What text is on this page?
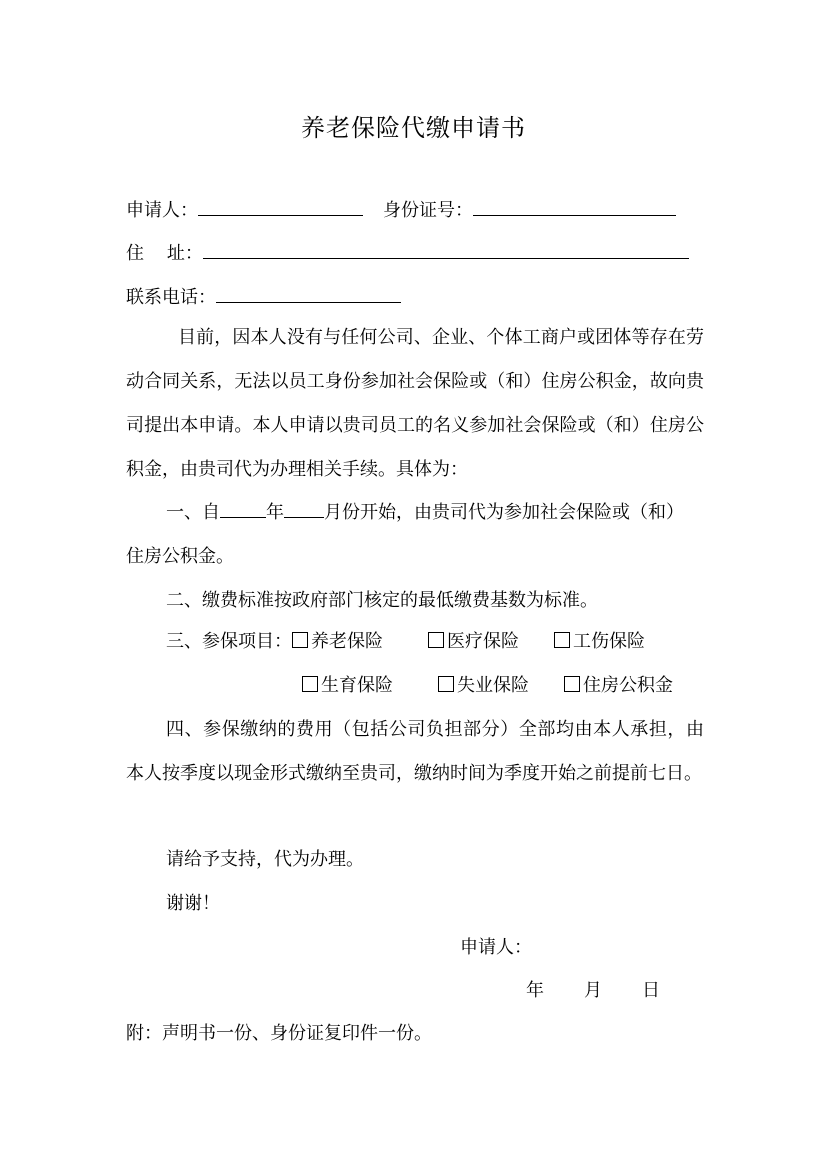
养老保险代缴申请书
申请人：	身份证号：
住    址：
联系电话：
目前，因本人没有与任何公司、企业、个体工商户或团体等存在劳动合同关系，无法以员工身份参加社会保险或（和）住房公积金，故向贵司提出本申请。本人申请以贵司员工的名义参加社会保险或（和）住房公积金，由贵司代为办理相关手续。具体为：
一、自	年 月份开始，由贵司代为参加社会保险或（和）
住房公积金。
二、缴费标准按政府部门核定的最低缴费基数为标准。
三、参保项目： 养老保险	医疗保险	工伤保险
生育保险	失业保险	住房公积金
四、参保缴纳的费用（包括公司负担部分）全部均由本人承担，由本人按季度以现金形式缴纳至贵司，缴纳时间为季度开始之前提前七日。
请给予支持，代为办理。
谢谢！
申请人：
年 月 日
附：声明书一份、身份证复印件一份。
